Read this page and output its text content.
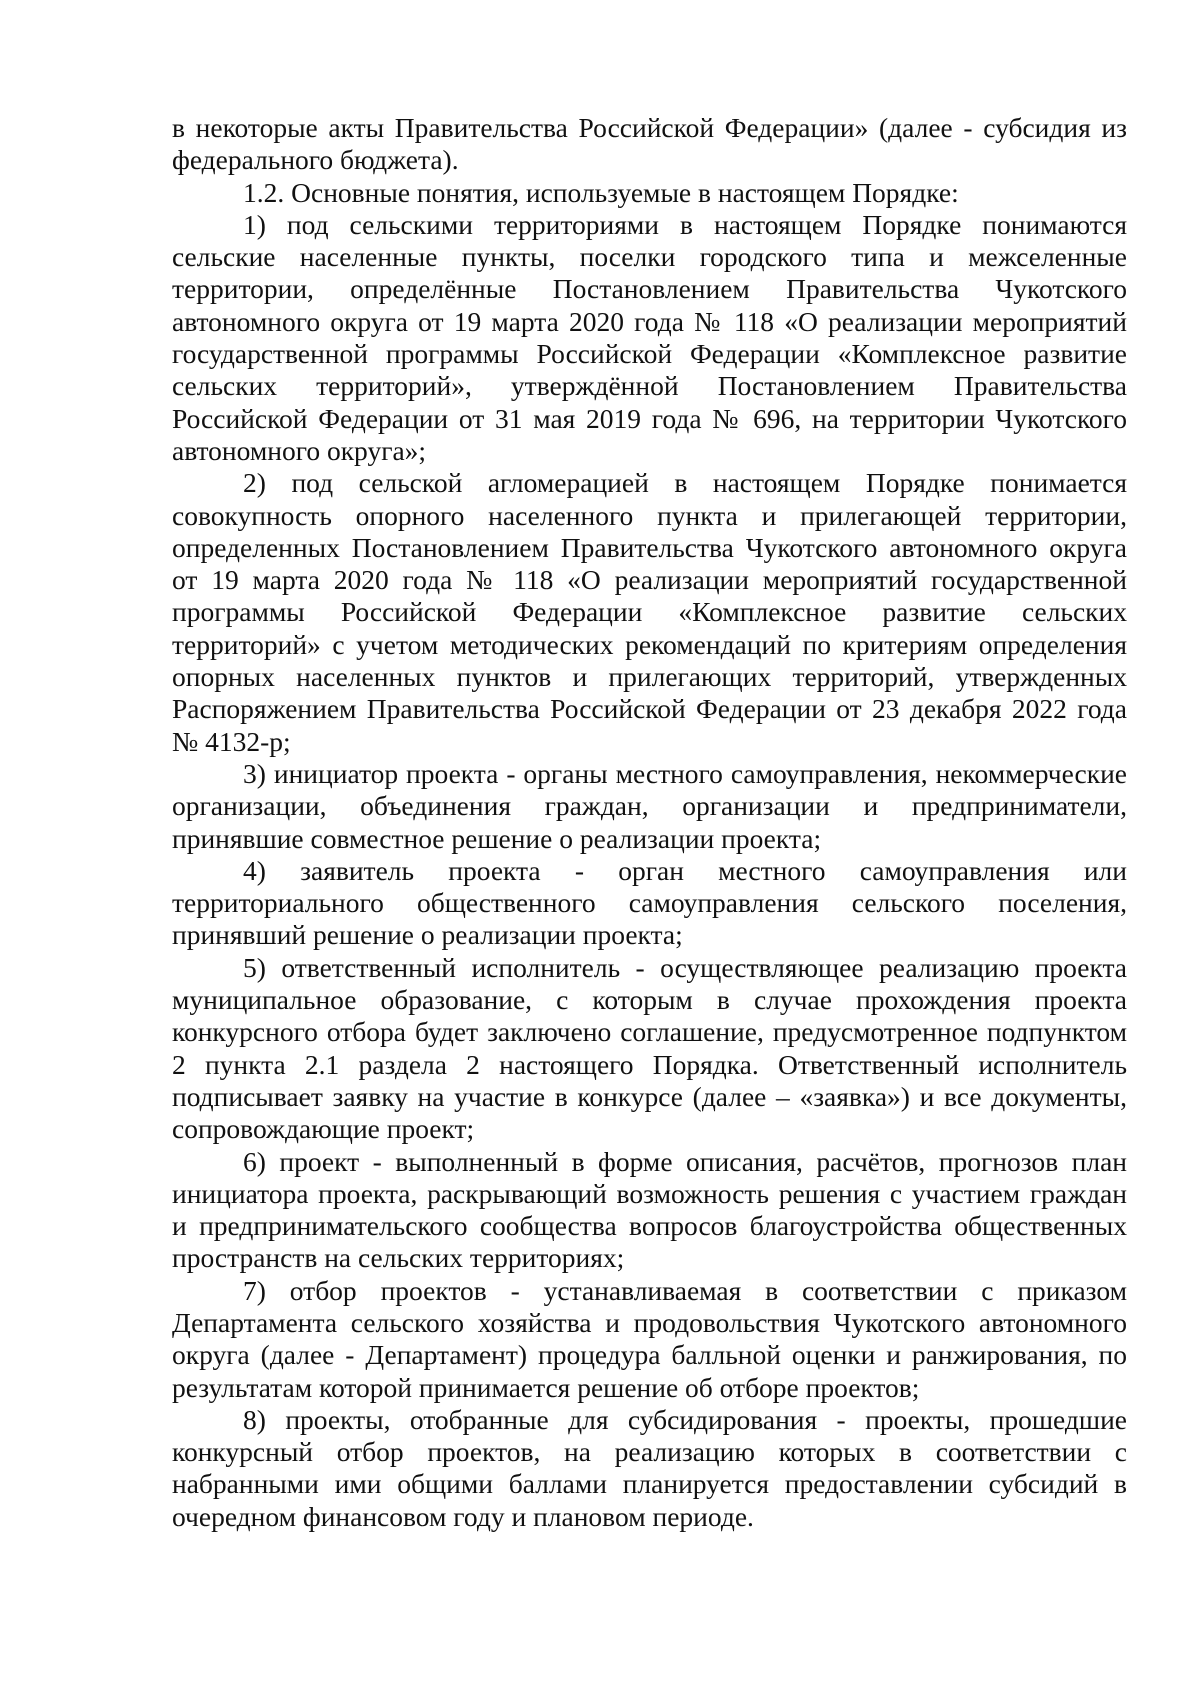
в некоторые акты Правительства Российской Федерации» (далее - субсидия из федерального бюджета).

1.2. Основные понятия, используемые в настоящем Порядке:

1) под сельскими территориями в настоящем Порядке понимаются сельские населенные пункты, поселки городского типа и межселенные территории, определённые Постановлением Правительства Чукотского автономного округа от 19 марта 2020 года № 118 «О реализации мероприятий государственной программы Российской Федерации «Комплексное развитие сельских территорий», утверждённой Постановлением Правительства Российской Федерации от 31 мая 2019 года № 696, на территории Чукотского автономного округа»;

2) под сельской агломерацией в настоящем Порядке понимается совокупность опорного населенного пункта и прилегающей территории, определенных Постановлением Правительства Чукотского автономного округа от 19 марта 2020 года № 118 «О реализации мероприятий государственной программы Российской Федерации «Комплексное развитие сельских территорий» с учетом методических рекомендаций по критериям определения опорных населенных пунктов и прилегающих территорий, утвержденных Распоряжением Правительства Российской Федерации от 23 декабря 2022 года № 4132-р;

3) инициатор проекта - органы местного самоуправления, некоммерческие организации, объединения граждан, организации и предприниматели, принявшие совместное решение о реализации проекта;

4) заявитель проекта - орган местного самоуправления или территориального общественного самоуправления сельского поселения, принявший решение о реализации проекта;

5) ответственный исполнитель - осуществляющее реализацию проекта муниципальное образование, с которым в случае прохождения проекта конкурсного отбора будет заключено соглашение, предусмотренное подпунктом 2 пункта 2.1 раздела 2 настоящего Порядка. Ответственный исполнитель подписывает заявку на участие в конкурсе (далее – «заявка») и все документы, сопровождающие проект;

6) проект - выполненный в форме описания, расчётов, прогнозов план инициатора проекта, раскрывающий возможность решения с участием граждан и предпринимательского сообщества вопросов благоустройства общественных пространств на сельских территориях;

7) отбор проектов - устанавливаемая в соответствии с приказом Департамента сельского хозяйства и продовольствия Чукотского автономного округа (далее - Департамент) процедура балльной оценки и ранжирования, по результатам которой принимается решение об отборе проектов;

8) проекты, отобранные для субсидирования - проекты, прошедшие конкурсный отбор проектов, на реализацию которых в соответствии с набранными ими общими баллами планируется предоставлении субсидий в очередном финансовом году и плановом периоде.
